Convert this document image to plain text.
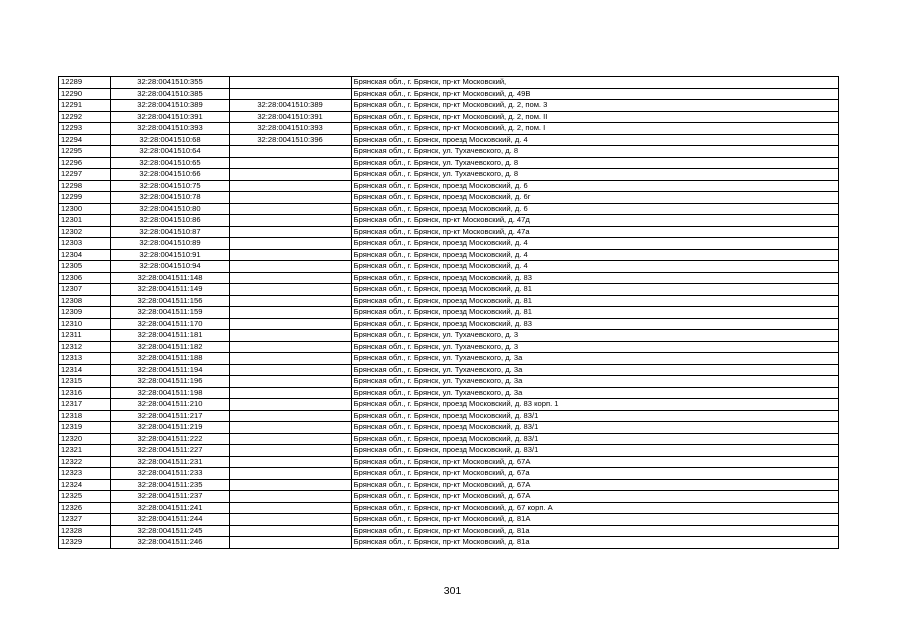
12289	32:28:0041510:355		Брянская обл., г. Брянск, пр-кт Московский,
12290	32:28:0041510:385		Брянская обл., г. Брянск, пр-кт Московский, д. 49В
12291	32:28:0041510:389	32:28:0041510:389	Брянская обл., г. Брянск, пр-кт Московский, д. 2, пом. 3
12292	32:28:0041510:391	32:28:0041510:391	Брянская обл., г. Брянск, пр-кт Московский, д. 2, пом. II
12293	32:28:0041510:393	32:28:0041510:393	Брянская обл., г. Брянск, пр-кт Московский, д. 2, пом. I
12294	32:28:0041510:68	32:28:0041510:396	Брянская обл., г. Брянск, проезд Московский, д. 4
12295	32:28:0041510:64		Брянская обл., г. Брянск, ул. Тухачевского, д. 8
12296	32:28:0041510:65		Брянская обл., г. Брянск, ул. Тухачевского, д. 8
12297	32:28:0041510:66		Брянская обл., г. Брянск, ул. Тухачевского, д. 8
12298	32:28:0041510:75		Брянская обл., г. Брянск, проезд Московский, д. 6
12299	32:28:0041510:78		Брянская обл., г. Брянск, проезд Московский, д. 6г
12300	32:28:0041510:80		Брянская обл., г. Брянск, проезд Московский, д. 6
12301	32:28:0041510:86		Брянская обл., г. Брянск, пр-кт Московский, д. 47д
12302	32:28:0041510:87		Брянская обл., г. Брянск, пр-кт Московский, д. 47а
12303	32:28:0041510:89		Брянская обл., г. Брянск, проезд Московский, д. 4
12304	32:28:0041510:91		Брянская обл., г. Брянск, проезд Московский, д. 4
12305	32:28:0041510:94		Брянская обл., г. Брянск, проезд Московский, д. 4
12306	32:28:0041511:148		Брянская обл., г. Брянск, проезд Московский, д. 83
12307	32:28:0041511:149		Брянская обл., г. Брянск, проезд Московский, д. 81
12308	32:28:0041511:156		Брянская обл., г. Брянск, проезд Московский, д. 81
12309	32:28:0041511:159		Брянская обл., г. Брянск, проезд Московский, д. 81
12310	32:28:0041511:170		Брянская обл., г. Брянск, проезд Московский, д. 83
12311	32:28:0041511:181		Брянская обл., г. Брянск, ул. Тухачевского, д. 3
12312	32:28:0041511:182		Брянская обл., г. Брянск, ул. Тухачевского, д. 3
12313	32:28:0041511:188		Брянская обл., г. Брянск, ул. Тухачевского, д. 3а
12314	32:28:0041511:194		Брянская обл., г. Брянск, ул. Тухачевского, д. 3а
12315	32:28:0041511:196		Брянская обл., г. Брянск, ул. Тухачевского, д. 3а
12316	32:28:0041511:198		Брянская обл., г. Брянск, ул. Тухачевского, д. 3а
12317	32:28:0041511:210		Брянская обл., г. Брянск, проезд Московский, д. 83 корп. 1
12318	32:28:0041511:217		Брянская обл., г. Брянск, проезд Московский, д. 83/1
12319	32:28:0041511:219		Брянская обл., г. Брянск, проезд Московский, д. 83/1
12320	32:28:0041511:222		Брянская обл., г. Брянск, проезд Московский, д. 83/1
12321	32:28:0041511:227		Брянская обл., г. Брянск, проезд Московский, д. 83/1
12322	32:28:0041511:231		Брянская обл., г. Брянск, пр-кт Московский, д. 67А
12323	32:28:0041511:233		Брянская обл., г. Брянск, пр-кт Московский, д. 67а
12324	32:28:0041511:235		Брянская обл., г. Брянск, пр-кт Московский, д. 67А
12325	32:28:0041511:237		Брянская обл., г. Брянск, пр-кт Московский, д. 67А
12326	32:28:0041511:241		Брянская обл., г. Брянск, пр-кт Московский, д. 67 корп. А
12327	32:28:0041511:244		Брянская обл., г. Брянск, пр-кт Московский, д. 81А
12328	32:28:0041511:245		Брянская обл., г. Брянск, пр-кт Московский, д. 81а
12329	32:28:0041511:246		Брянская обл., г. Брянск, пр-кт Московский, д. 81а
301
